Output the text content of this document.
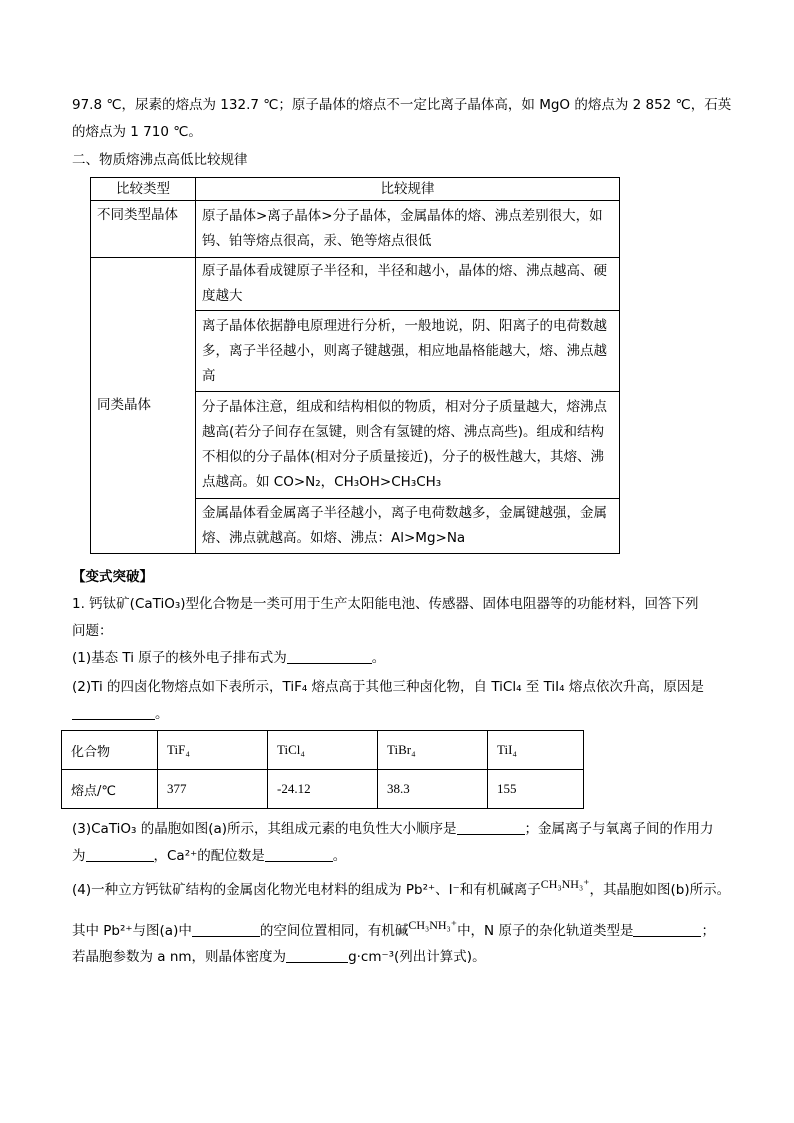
97.8 ℃，尿素的熔点为 132.7 ℃；原子晶体的熔点不一定比离子晶体高，如 MgO 的熔点为 2 852 ℃，石英
的熔点为 1 710 ℃。
二、物质熔沸点高低比较规律
比较类型	比较规律
不同类型晶体	原子晶体>离子晶体>分子晶体，金属晶体的熔、沸点差别很大，如钨、铂等熔点很高，汞、铯等熔点很低
同类晶体	原子晶体看成键原子半径和，半径和越小，晶体的熔、沸点越高、硬度越大
	离子晶体依据静电原理进行分析，一般地说，阴、阳离子的电荷数越多，离子半径越小，则离子键越强，相应地晶格能越大，熔、沸点越高
	分子晶体注意，组成和结构相似的物质，相对分子质量越大，熔沸点越高(若分子间存在氢键，则含有氢键的熔、沸点高些)。组成和结构不相似的分子晶体(相对分子质量接近)，分子的极性越大，其熔、沸点越高。如 CO>N₂，CH₃OH>CH₃CH₃
	金属晶体看金属离子半径越小，离子电荷数越多，金属键越强，金属熔、沸点就越高。如熔、沸点：Al>Mg>Na
【变式突破】
1. 钙钛矿(CaTiO₃)型化合物是一类可用于生产太阳能电池、传感器、固体电阻器等的功能材料，回答下列
问题：
(1)基态 Ti 原子的核外电子排布式为	。
(2)Ti 的四卤化物熔点如下表所示，TiF₄ 熔点高于其他三种卤化物，自 TiCl₄ 至 TiI₄ 熔点依次升高，原因是
。
化合物	TiF₄	TiCl₄	TiBr₄	TiI₄
熔点/℃	377	-24.12	38.3	155
(3)CaTiO₃ 的晶胞如图(a)所示，其组成元素的电负性大小顺序是	；金属离子与氧离子间的作用力
为	，Ca²⁺的配位数是	。
(4)一种立方钙钛矿结构的金属卤化物光电材料的组成为 Pb²⁺、I⁻和有机碱离子CH₃NH₃⁺，其晶胞如图(b)所示。
其中 Pb²⁺与图(a)中	的空间位置相同，有机碱CH₃NH₃⁺中，N 原子的杂化轨道类型是	；
若晶胞参数为 a nm，则晶体密度为	g·cm⁻³(列出计算式)。
